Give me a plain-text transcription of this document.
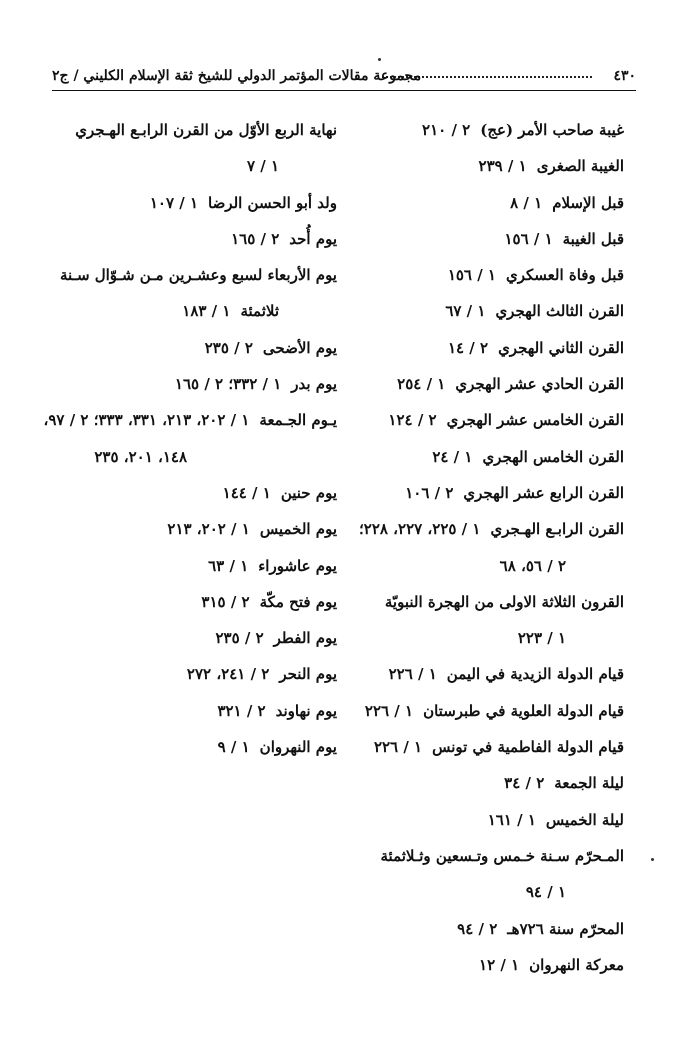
٤٣٠
مجموعة مقالات المؤتمر الدولي للشيخ ثقة الإسلام الكليني / ج٢
غيبة صاحب الأمر (عج)٢ / ٢١٠
الغيبة الصغرى١ / ٢٣٩
قبل الإسلام١ / ٨
قبل الغيبة١ / ١٥٦
قبل وفاة العسكري١ / ١٥٦
القرن الثالث الهجري١ / ٦٧
القرن الثاني الهجري٢ / ١٤
القرن الحادي عشر الهجري١ / ٢٥٤
القرن الخامس عشر الهجري٢ / ١٢٤
القرن الخامس الهجري١ / ٢٤
القرن الرابع عشر الهجري٢ / ١٠٦
القرن الرابـع الهـجري١ / ٢٢٥، ٢٢٧، ٢٢٨؛
٢ / ٥٦، ٦٨
القرون الثلاثة الاولى من الهجرة النبويّة
١ / ٢٢٣
قيام الدولة الزيدية في اليمن١ / ٢٢٦
قيام الدولة العلوية في طبرستان١ / ٢٢٦
قيام الدولة الفاطمية في تونس١ / ٢٢٦
ليلة الجمعة٢ / ٣٤
ليلة الخميس١ / ١٦١
المـحرّم سـنة خـمس وتـسعين وثـلاثمئة
١ / ٩٤
المحرّم سنة ٧٢٦هـ٢ / ٩٤
معركة النهروان١ / ١٢
نهاية الربع الأوّل من القرن الرابـع الهـجري
١ / ٧
ولد أبو الحسن الرضا١ / ١٠٧
يوم أُحد٢ / ١٦٥
يوم الأربعاء لسبع وعشـرين مـن شـوّال سـنة
ثلاثمئة١ / ١٨٣
يوم الأضحى٢ / ٢٣٥
يوم بدر١ / ٣٣٢؛ ٢ / ١٦٥
يـوم الجـمعة١ / ٢٠٢، ٢١٣، ٣٣١، ٣٣٣؛ ٢ / ٩٧،
١٤٨، ٢٠١، ٢٣٥
يوم حنين١ / ١٤٤
يوم الخميس١ / ٢٠٢، ٢١٣
يوم عاشوراء١ / ٦٣
يوم فتح مكّة٢ / ٣١٥
يوم الفطر٢ / ٢٣٥
يوم النحر٢ / ٢٤١، ٢٧٢
يوم نهاوند٢ / ٣٢١
يوم النهروان١ / ٩
